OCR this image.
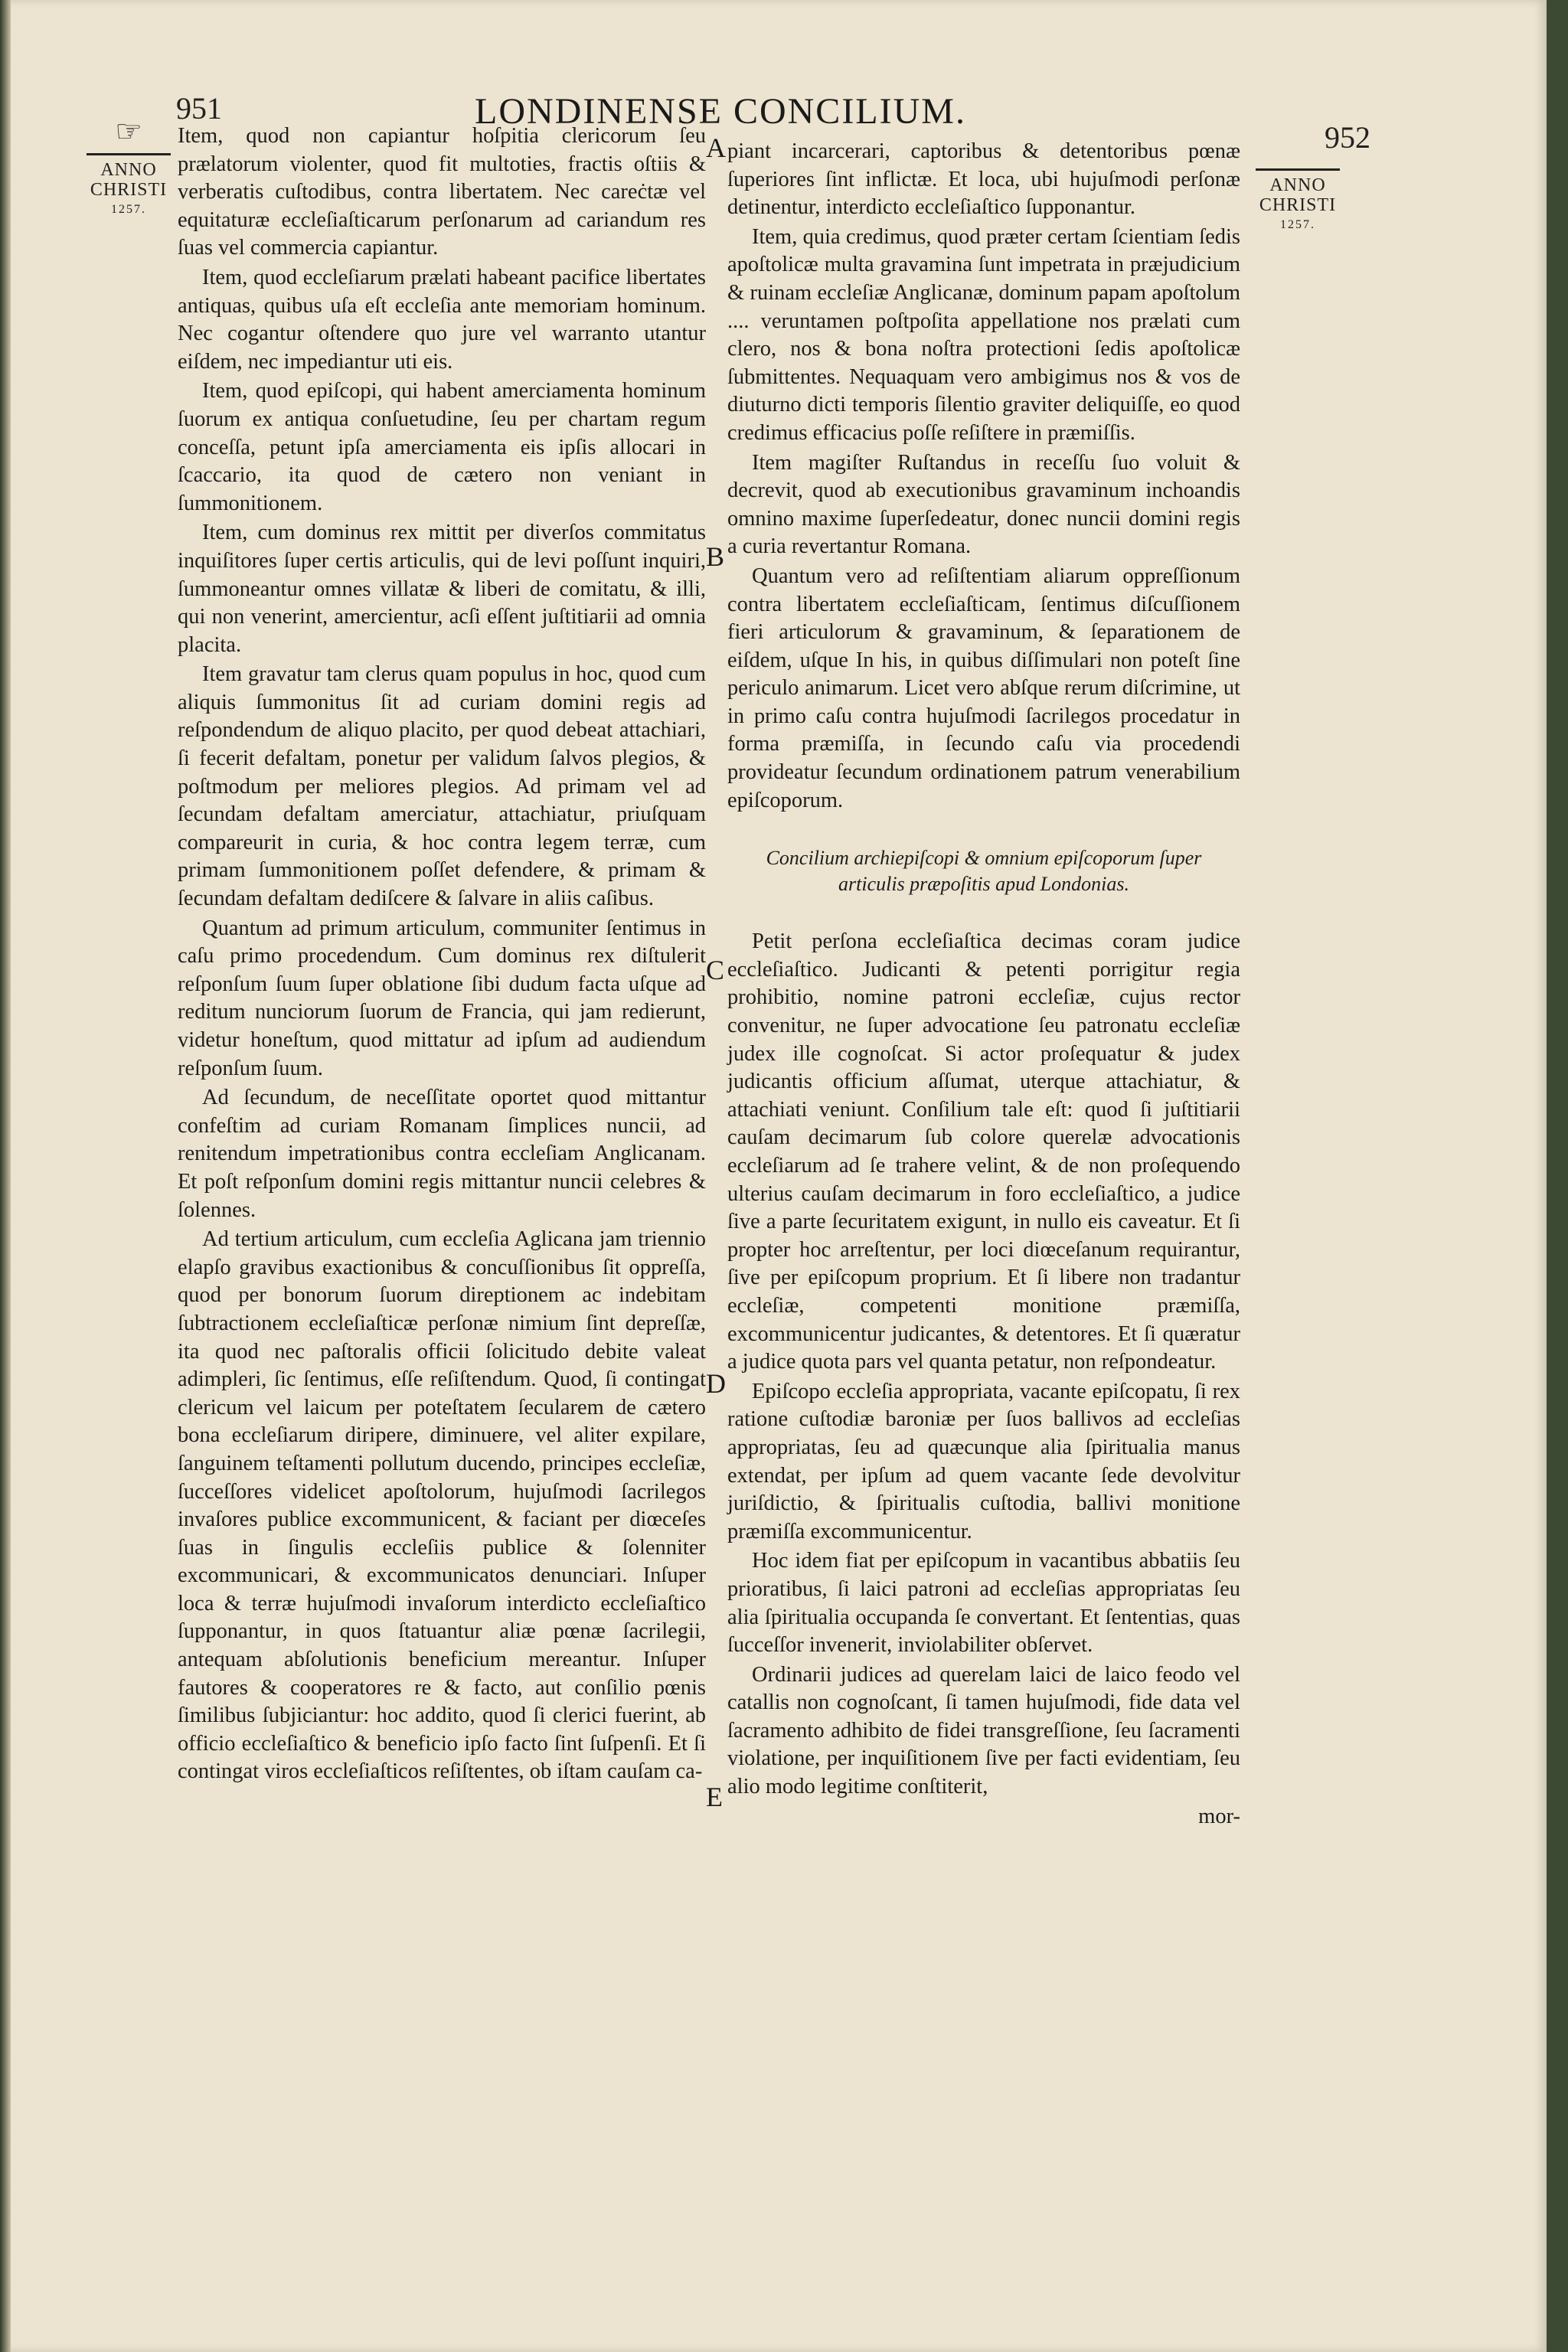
951	LONDINENSE CONCILIUM.
952
☞
ANNO
CHRISTI
1257.
ANNO
CHRISTI
1257.
A
B
C
D
E

Item, quod non capiantur hoſpitia clericorum ſeu prælatorum violenter, quod fit multoties, fractis oſtiis & verberatis cuſtodibus, contra libertatem. Nec careċtæ vel equitaturæ eccleſiaſticarum perſonarum ad cariandum res ſuas vel commercia capiantur.

Item, quod eccleſiarum prælati habeant pacifice libertates antiquas, quibus uſa eſt eccleſia ante memoriam hominum. Nec cogantur oſtendere quo jure vel warranto utantur eiſdem, nec impediantur uti eis.

Item, quod epiſcopi, qui habent amerciamenta hominum ſuorum ex antiqua conſuetudine, ſeu per chartam regum conceſſa, petunt ipſa amerciamenta eis ipſis allocari in ſcaccario, ita quod de cætero non veniant in ſummonitionem.

Item, cum dominus rex mittit per diverſos commitatus inquiſitores ſuper certis articulis, qui de levi poſſunt inquiri, ſummoneantur omnes villatæ & liberi de comitatu, & illi, qui non venerint, amercientur, acſi eſſent juſtitiarii ad omnia placita.

Item gravatur tam clerus quam populus in hoc, quod cum aliquis ſummonitus ſit ad curiam domini regis ad reſpondendum de aliquo placito, per quod debeat attachiari, ſi fecerit defaltam, ponetur per validum ſalvos plegios, & poſtmodum per meliores plegios. Ad primam vel ad ſecundam defaltam amerciatur, attachiatur, priuſquam compareurit in curia, & hoc contra legem terræ, cum primam ſummonitionem poſſet defendere, & primam & ſecundam defaltam dediſcere & ſalvare in aliis caſibus.

Quantum ad primum articulum, communiter ſentimus in caſu primo procedendum. Cum dominus rex diſtulerit reſponſum ſuum ſuper oblatione ſibi dudum facta uſque ad reditum nunciorum ſuorum de Francia, qui jam redierunt, videtur honeſtum, quod mittatur ad ipſum ad audiendum reſponſum ſuum.

Ad ſecundum, de neceſſitate oportet quod mittantur confeſtim ad curiam Romanam ſimplices nuncii, ad renitendum impetrationibus contra eccleſiam Anglicanam. Et poſt reſponſum domini regis mittantur nuncii celebres & ſolennes.

Ad tertium articulum, cum eccleſia Aglicana jam triennio elapſo gravibus exactionibus & concuſſionibus ſit oppreſſa, quod per bonorum ſuorum direptionem ac indebitam ſubtractionem eccleſiaſticæ perſonæ nimium ſint depreſſæ, ita quod nec paſtoralis officii ſolicitudo debite valeat adimpleri, ſic ſentimus, eſſe reſiſtendum. Quod, ſi contingat clericum vel laicum per poteſtatem ſecularem de cætero bona eccleſiarum diripere, diminuere, vel aliter expilare, ſanguinem teſtamenti pollutum ducendo, principes eccleſiæ, ſucceſſores videlicet apoſtolorum, hujuſmodi ſacrilegos invaſores publice excommunicent, & faciant per diœceſes ſuas in ſingulis eccleſiis publice & ſolenniter excommunicari, & excommunicatos denunciari. Inſuper loca & terræ hujuſmodi invaſorum interdicto eccleſiaſtico ſupponantur, in quos ſtatuantur aliæ pœnæ ſacrilegii, antequam abſolutionis beneficium mereantur. Inſuper fautores & cooperatores re & facto, aut conſilio pœnis ſimilibus ſubjiciantur: hoc addito, quod ſi clerici fuerint, ab officio eccleſiaſtico & beneficio ipſo facto ſint ſuſpenſi. Et ſi contingat viros eccleſiaſticos reſiſtentes, ob iſtam cauſam ca-

piant incarcerari, captoribus & detentoribus pœnæ ſuperiores ſint inflictæ. Et loca, ubi hujuſmodi perſonæ detinentur, interdicto eccleſiaſtico ſupponantur.

Item, quia credimus, quod præter certam ſcientiam ſedis apoſtolicæ multa gravamina ſunt impetrata in præjudicium & ruinam eccleſiæ Anglicanæ, dominum papam apoſtolum .... veruntamen poſtpoſita appellatione nos prælati cum clero, nos & bona noſtra protectioni ſedis apoſtolicæ ſubmittentes. Nequaquam vero ambigimus nos & vos de diuturno dicti temporis ſilentio graviter deliquiſſe, eo quod credimus efficacius poſſe reſiſtere in præmiſſis.

Item magiſter Ruſtandus in receſſu ſuo voluit & decrevit, quod ab executionibus gravaminum inchoandis omnino maxime ſuperſedeatur, donec nuncii domini regis a curia revertantur Romana.

Quantum vero ad reſiſtentiam aliarum oppreſſionum contra libertatem eccleſiaſticam, ſentimus diſcuſſionem fieri articulorum & gravaminum, & ſeparationem de eiſdem, uſque In his, in quibus diſſimulari non poteſt ſine periculo animarum. Licet vero abſque rerum diſcrimine, ut in primo caſu contra hujuſmodi ſacrilegos procedatur in forma præmiſſa, in ſecundo caſu via procedendi provideatur ſecundum ordinationem patrum venerabilium epiſcoporum.

Concilium archiepiſcopi & omnium epiſcoporum ſuper articulis præpoſitis apud Londonias.

Petit perſona eccleſiaſtica decimas coram judice eccleſiaſtico. Judicanti & petenti porrigitur regia prohibitio, nomine patroni eccleſiæ, cujus rector convenitur, ne ſuper advocatione ſeu patronatu eccleſiæ judex ille cognoſcat. Si actor proſequatur & judex judicantis officium aſſumat, uterque attachiatur, & attachiati veniunt. Conſilium tale eſt: quod ſi juſtitiarii cauſam decimarum ſub colore querelæ advocationis eccleſiarum ad ſe trahere velint, & de non proſequendo ulterius cauſam decimarum in foro eccleſiaſtico, a judice ſive a parte ſecuritatem exigunt, in nullo eis caveatur. Et ſi propter hoc arreſtentur, per loci diœceſanum requirantur, ſive per epiſcopum proprium. Et ſi libere non tradantur eccleſiæ, competenti monitione præmiſſa, excommunicentur judicantes, & detentores. Et ſi quæratur a judice quota pars vel quanta petatur, non reſpondeatur.

Epiſcopo eccleſia appropriata, vacante epiſcopatu, ſi rex ratione cuſtodiæ baroniæ per ſuos ballivos ad eccleſias appropriatas, ſeu ad quæcunque alia ſpiritualia manus extendat, per ipſum ad quem vacante ſede devolvitur juriſdictio, & ſpiritualis cuſtodia, ballivi monitione præmiſſa excommunicentur.

Hoc idem fiat per epiſcopum in vacantibus abbatiis ſeu prioratibus, ſi laici patroni ad eccleſias appropriatas ſeu alia ſpiritualia occupanda ſe convertant. Et ſententias, quas ſucceſſor invenerit, inviolabiliter obſervet.

Ordinarii judices ad querelam laici de laico feodo vel catallis non cognoſcant, ſi tamen hujuſmodi, fide data vel ſacramento adhibito de fidei transgreſſione, ſeu ſacramenti violatione, per inquiſitionem ſive per facti evidentiam, ſeu alio modo legitime conſtiterit,

mor-
